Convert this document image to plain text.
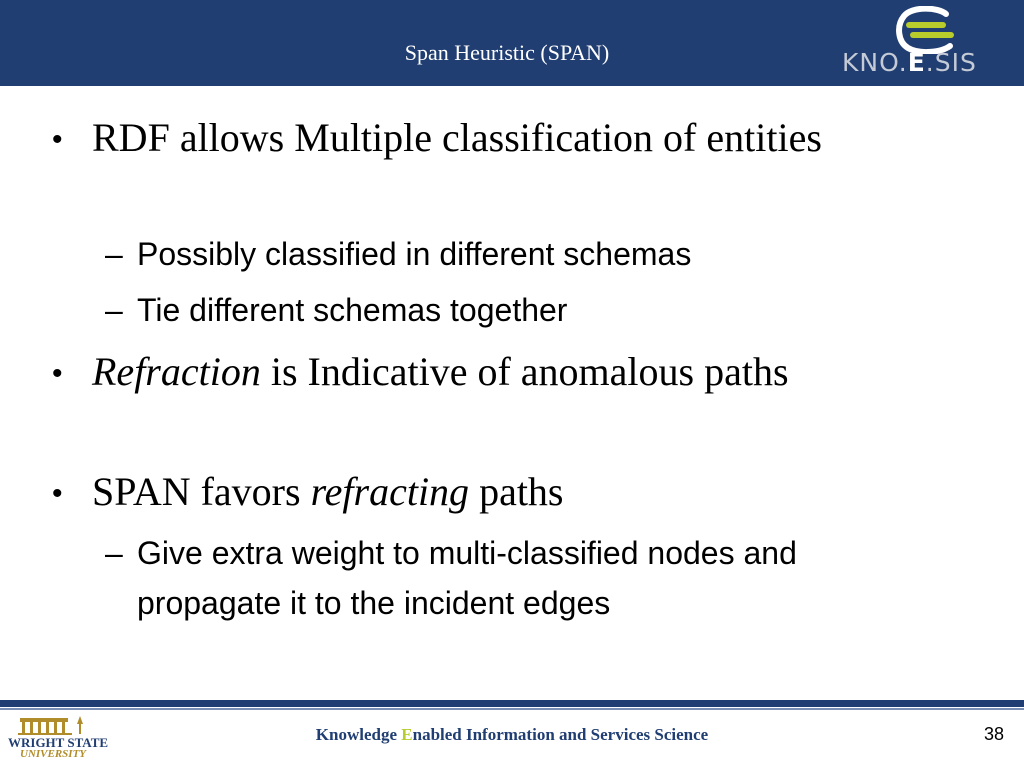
Span Heuristic (SPAN)	KNO.E.SIS
• RDF allows Multiple classification of entities
– Possibly classified in different schemas
– Tie different schemas together
• Refraction is Indicative of anomalous paths
• SPAN favors refracting paths
– Give extra weight to multi-classified nodes and propagate it to the incident edges
WRIGHT STATE
UNIVERSITY
Knowledge Enabled Information and Services Science	38
